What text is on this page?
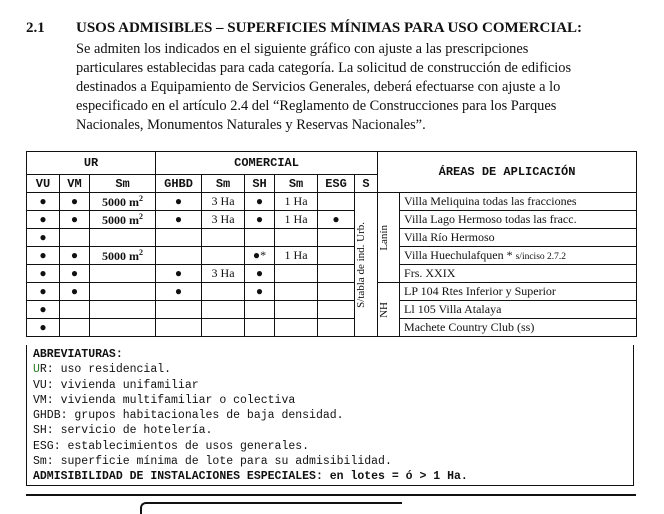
2.1 USOS ADMISIBLES – SUPERFICIES MÍNIMAS PARA USO COMERCIAL:
Se admiten los indicados en el siguiente gráfico con ajuste a las prescripciones
particulares establecidas para cada categoría. La solicitud de construcción de edificios
destinados a Equipamiento de Servicios Generales, deberá efectuarse con ajuste a lo
especificado en el artículo 2.4 del “Reglamento de Construcciones para los Parques
Nacionales, Monumentos Naturales y Reservas Nacionales”.
UR			COMERCIAL						ÁREAS DE APLICACIÓN	
VU	VM	Sm	GHBD	Sm	SH	Sm	ESG	S		
●	●	5000 $m^2$	●	3 Ha	●	1 Ha		S/tabla de ind. Urb.	Lanín	Villa Meliquina todas las fracciones
●	●	5000 $m^2$	●	3 Ha	●	1 Ha	●			Villa Lago Hermoso todas las fracc.
●										Villa Río Hermoso
●	●	5000 $m^2$			●*	1 Ha				Villa Huechulafquen * s/inciso 2.7.2
●	●		●	3 Ha	●					Frs. XXIX
●	●		●		●				NH	LP 104 Rtes Inferior y Superior
●										Ll 105 Villa Atalaya
●										Machete Country Club (ss)
ABREVIATURAS:
UR: uso residencial.
VU: vivienda unifamiliar
VM: vivienda multifamiliar o colectiva
GHDB: grupos habitacionales de baja densidad.
SH: servicio de hotelería.
ESG: establecimientos de usos generales.
Sm: superficie mínima de lote para su admisibilidad.
ADMISIBILIDAD DE INSTALACIONES ESPECIALES: en lotes = ó > 1 Ha.
